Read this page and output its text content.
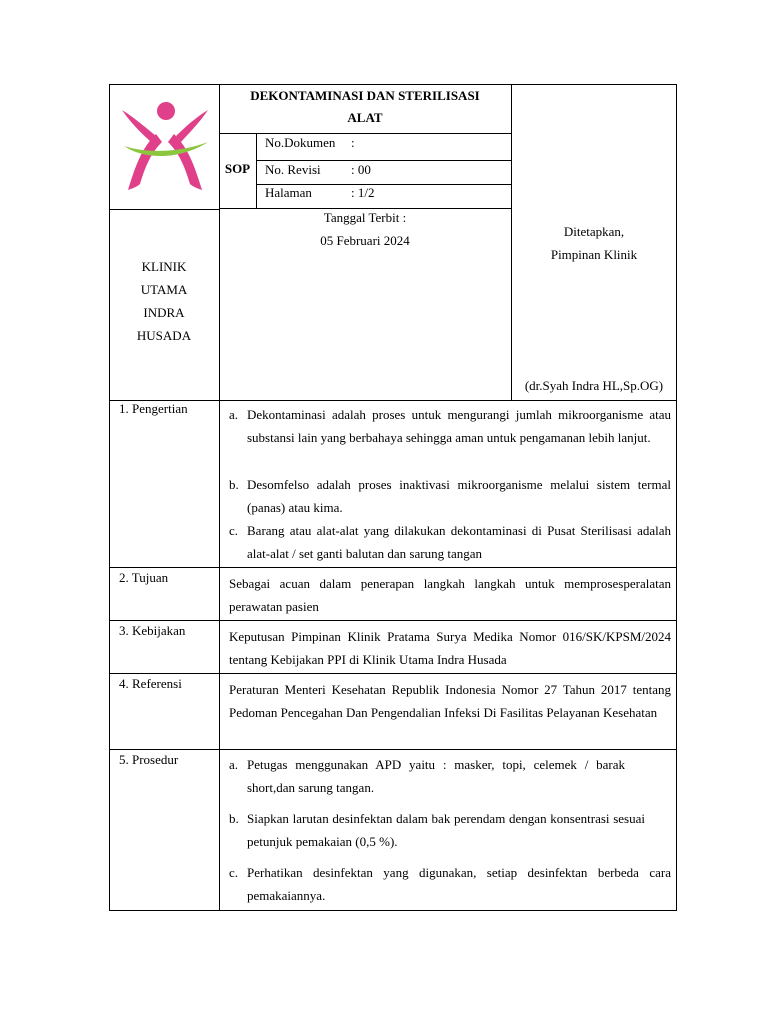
DEKONTAMINASI DAN STERILISASI
ALAT
SOP
No.Dokumen :
No. Revisi : 00
Halaman	: 1/2
KLINIK
UTAMA
INDRA
HUSADA
Tanggal Terbit :
05 Februari 2024
Ditetapkan,
Pimpinan Klinik
(dr.Syah Indra HL,Sp.OG)
1. Pengertian	a. Dekontaminasi adalah proses untuk mengurangi jumlah mikroorganisme atau substansi lain yang berbahaya sehingga aman untuk pengamanan lebih lanjut.
b. Desomfelso adalah proses inaktivasi mikroorganisme melalui sistem termal (panas) atau kima.
c. Barang atau alat-alat yang dilakukan dekontaminasi di Pusat Sterilisasi adalah alat-alat / set ganti balutan dan sarung tangan
2. Tujuan	Sebagai acuan dalam penerapan langkah langkah untuk memprosesperalatan perawatan pasien
3. Kebijakan	Keputusan Pimpinan Klinik Pratama Surya Medika Nomor 016/SK/KPSM/2024 tentang Kebijakan PPI di Klinik Utama Indra Husada
4. Referensi	Peraturan Menteri Kesehatan Republik Indonesia Nomor 27 Tahun 2017 tentang Pedoman Pencegahan Dan Pengendalian Infeksi Di Fasilitas Pelayanan Kesehatan
5. Prosedur	a. Petugas menggunakan APD yaitu : masker, topi, celemek / barak short,dan sarung tangan.
b. Siapkan larutan desinfektan dalam bak perendam dengan konsentrasi sesuai petunjuk pemakaian (0,5 %).
c. Perhatikan desinfektan yang digunakan, setiap desinfektan berbeda cara pemakaiannya.
